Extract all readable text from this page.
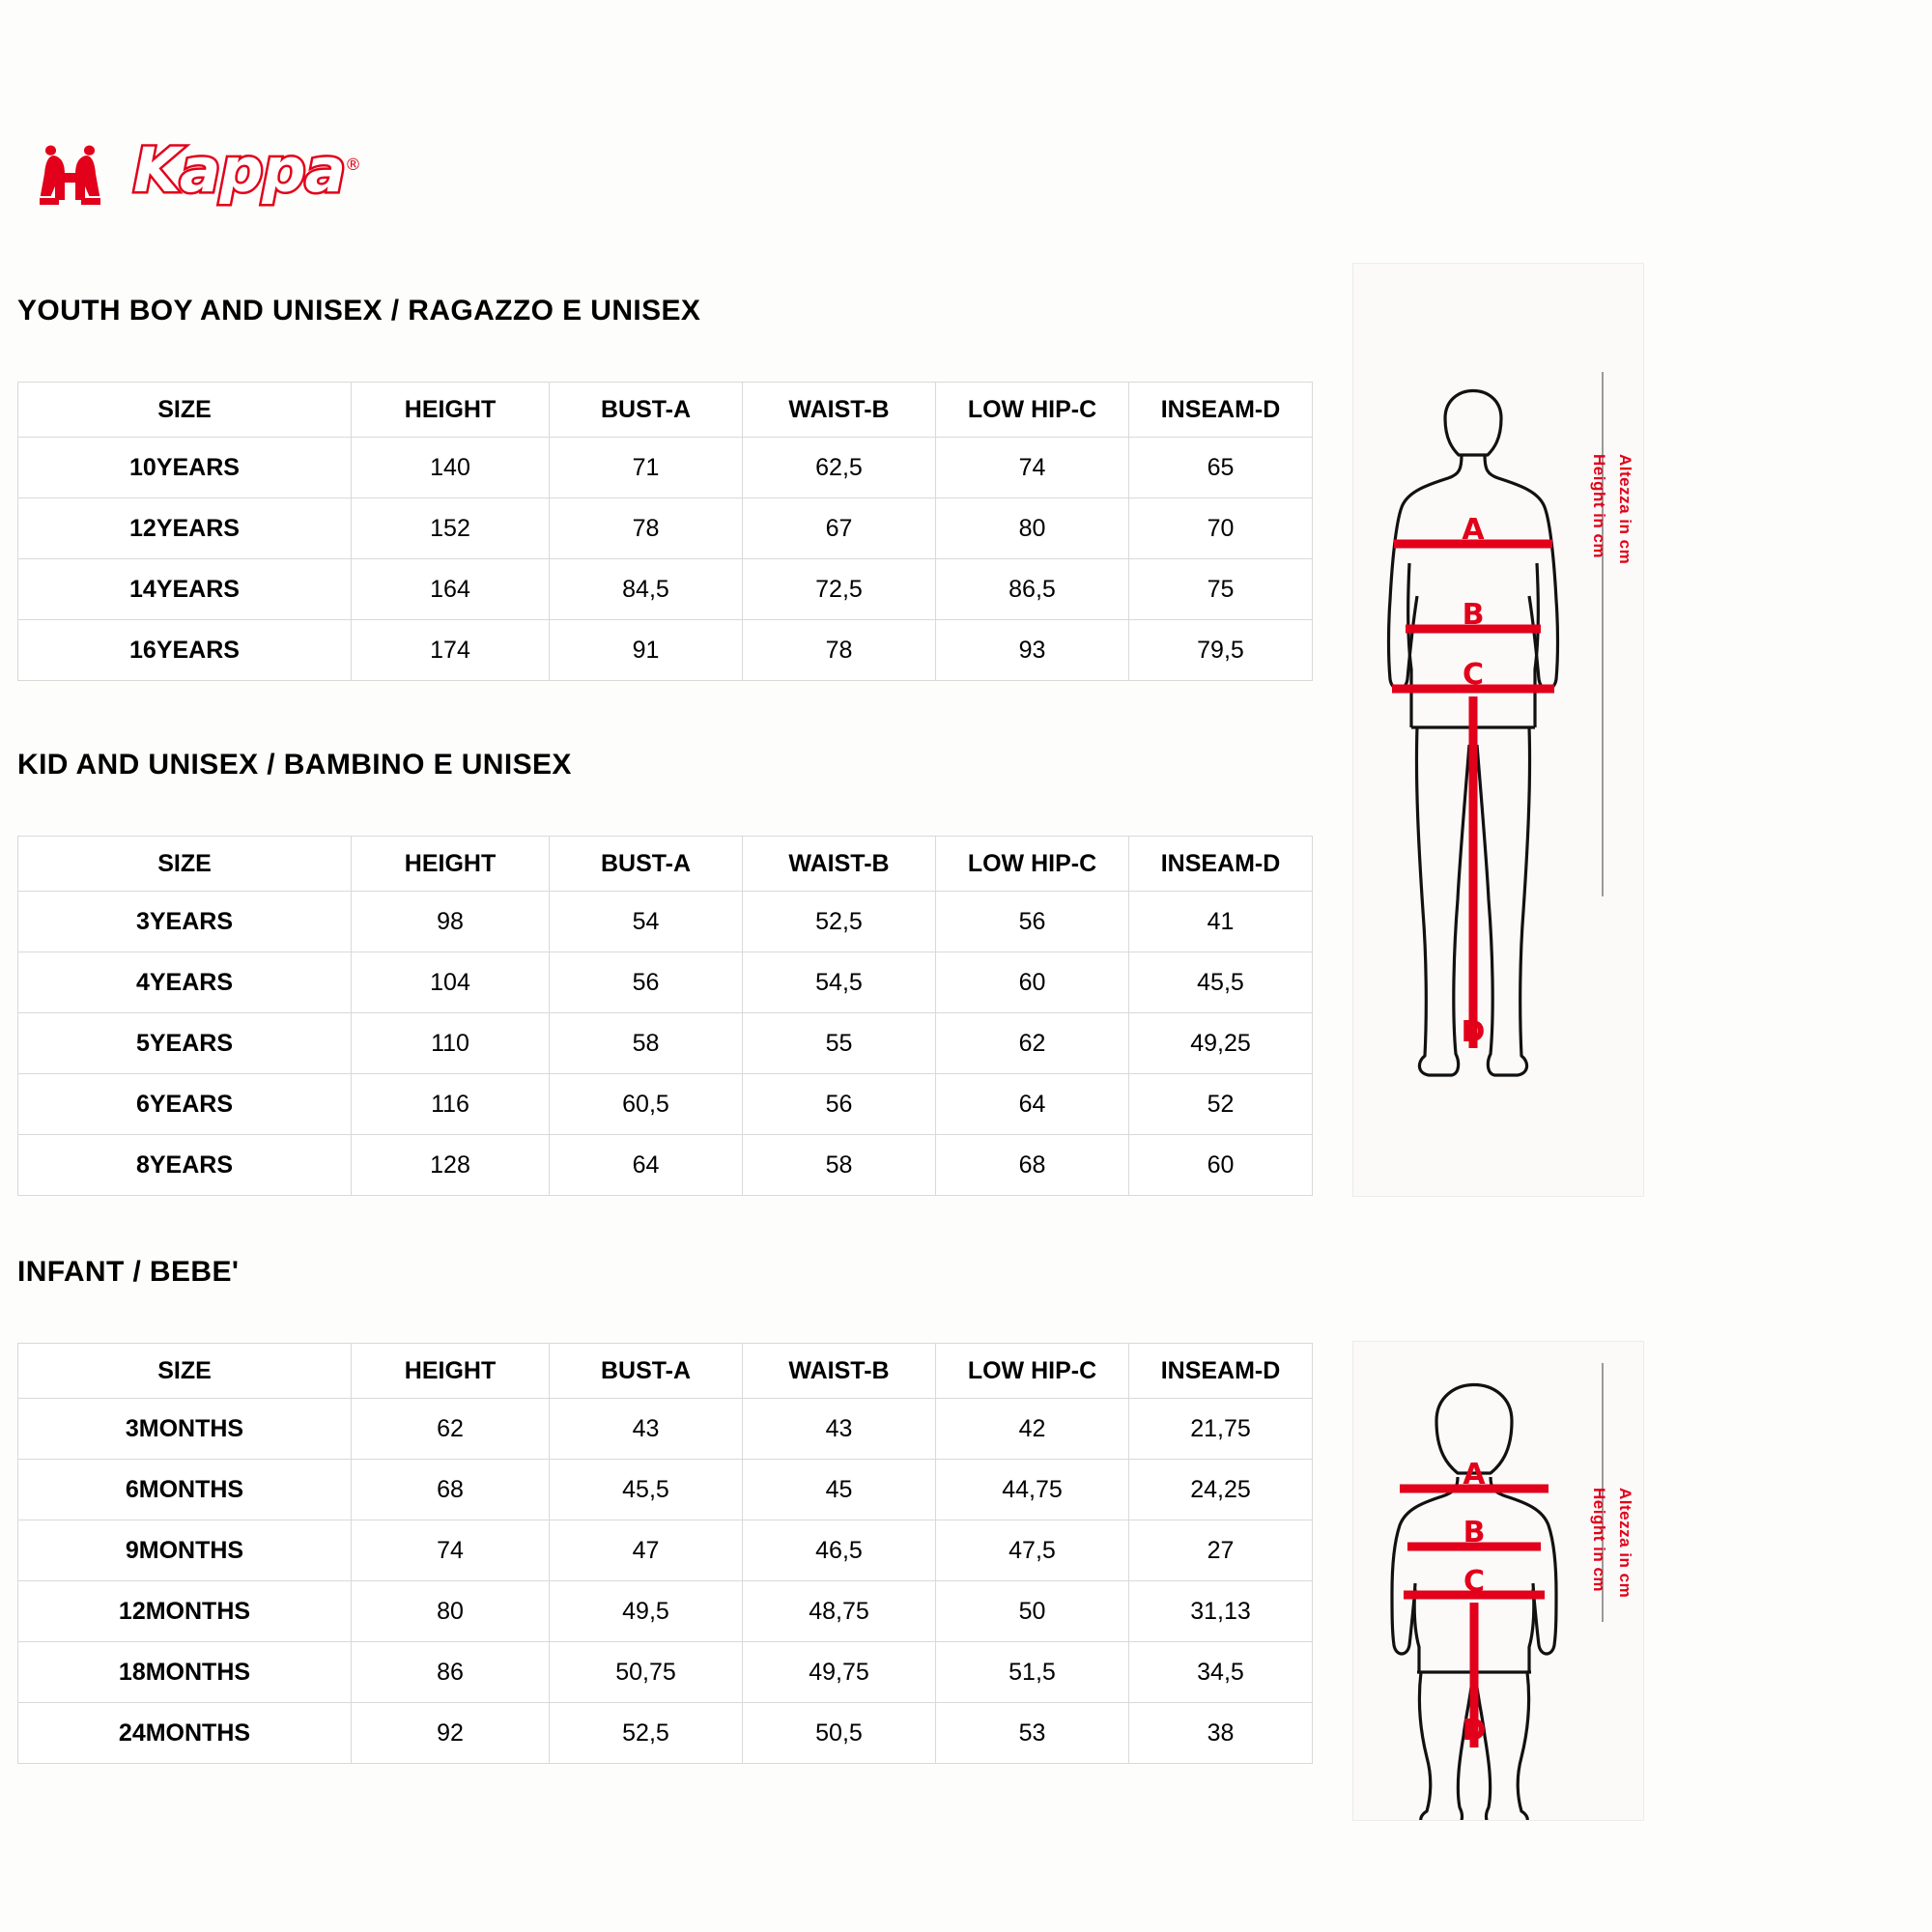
Kappa®
YOUTH BOY AND UNISEX / RAGAZZO E UNISEX
SIZE	HEIGHT	BUST-A	WAIST-B	LOW HIP-C	INSEAM-D
10YEARS	140	71	62,5	74	65
12YEARS	152	78	67	80	70
14YEARS	164	84,5	72,5	86,5	75
16YEARS	174	91	78	93	79,5
KID AND UNISEX / BAMBINO E UNISEX
SIZE	HEIGHT	BUST-A	WAIST-B	LOW HIP-C	INSEAM-D
3YEARS	98	54	52,5	56	41
4YEARS	104	56	54,5	60	45,5
5YEARS	110	58	55	62	49,25
6YEARS	116	60,5	56	64	52
8YEARS	128	64	58	68	60
INFANT / BEBE'
SIZE	HEIGHT	BUST-A	WAIST-B	LOW HIP-C	INSEAM-D
3MONTHS	62	43	43	42	21,75
6MONTHS	68	45,5	45	44,75	24,25
9MONTHS	74	47	46,5	47,5	27
12MONTHS	80	49,5	48,75	50	31,13
18MONTHS	86	50,75	49,75	51,5	34,5
24MONTHS	92	52,5	50,5	53	38
A
B
C
D
Height in cm Altezza in cm
A
B
C
D
Height in cm Altezza in cm
